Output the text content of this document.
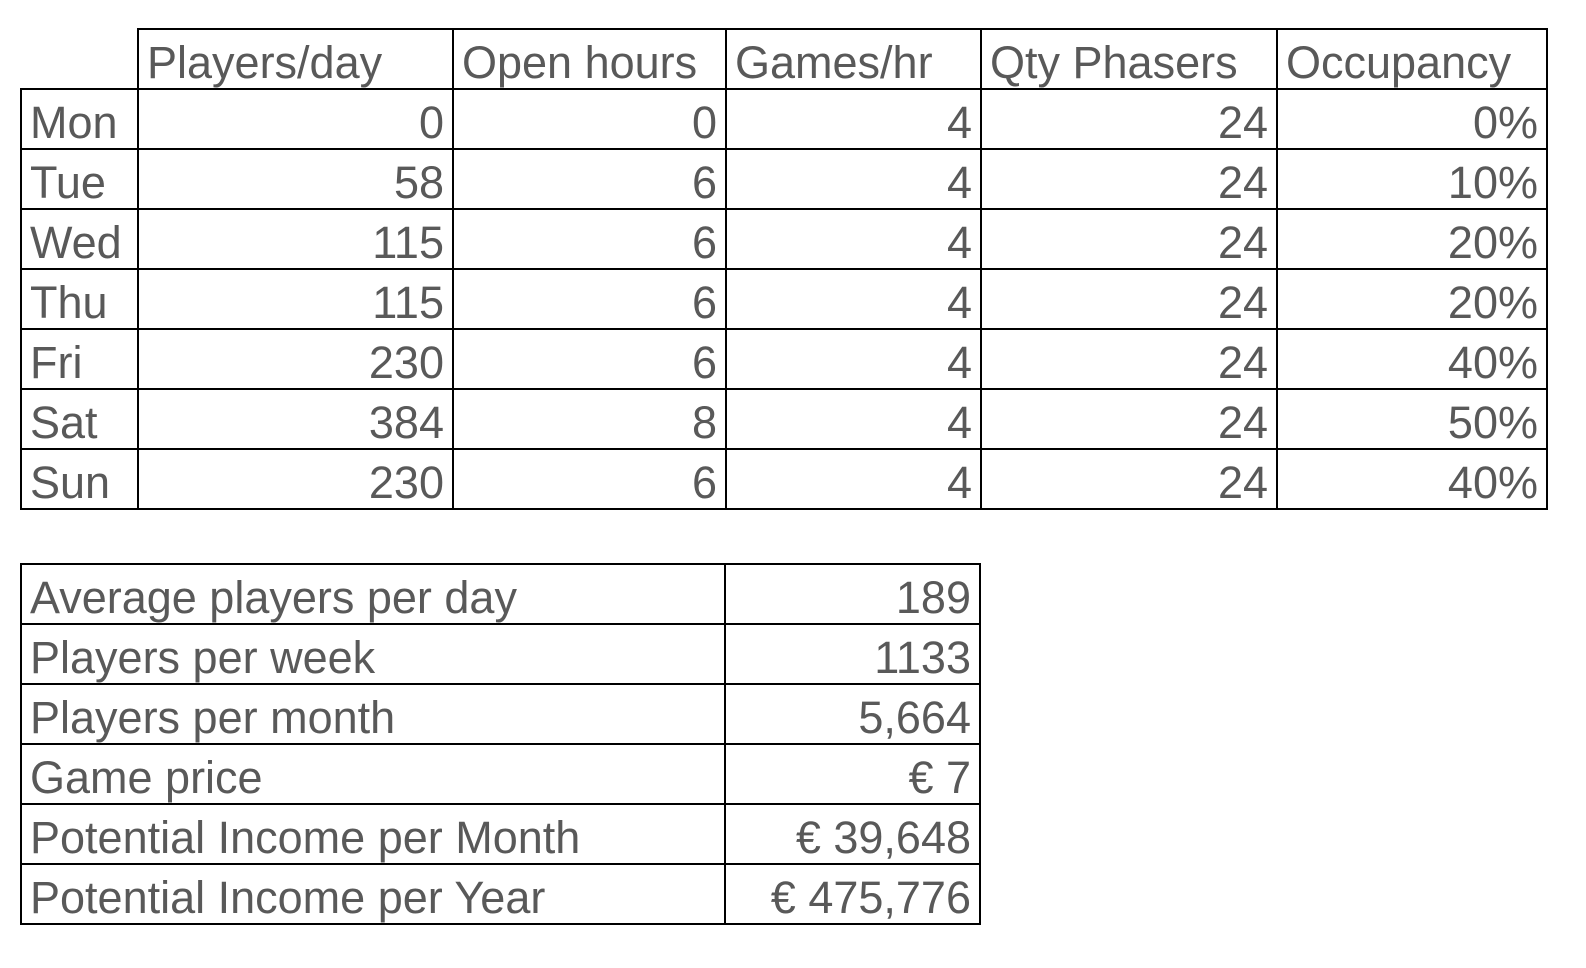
	Players/day	Open hours	Games/hr	Qty Phasers	Occupancy
Mon	0	0	4	24	0%
Tue	58	6	4	24	10%
Wed	115	6	4	24	20%
Thu	115	6	4	24	20%
Fri	230	6	4	24	40%
Sat	384	8	4	24	50%
Sun	230	6	4	24	40%
Average players per day	189
Players per week	1133
Players per month	5,664
Game price	€ 7
Potential Income per Month	€ 39,648
Potential Income per Year	€ 475,776
